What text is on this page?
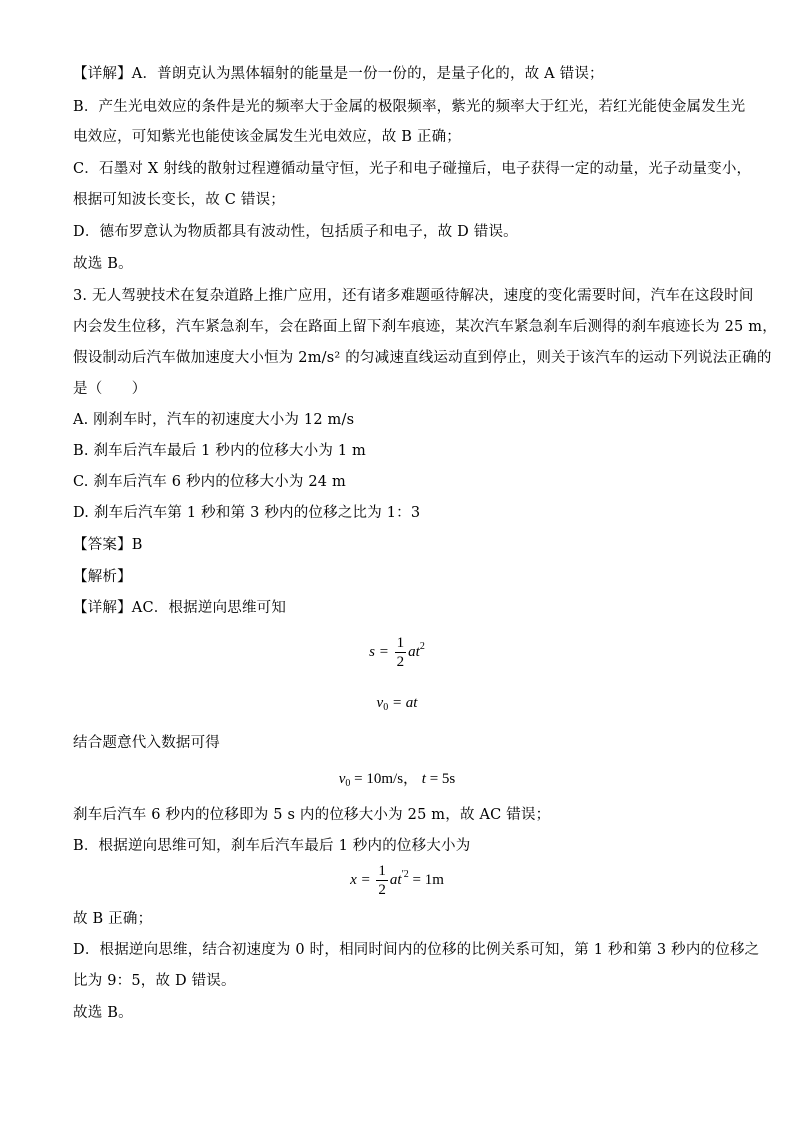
【详解】A．普朗克认为黑体辐射的能量是一份一份的，是量子化的，故 A 错误；
B．产生光电效应的条件是光的频率大于金属的极限频率，紫光的频率大于红光，若红光能使金属发生光
电效应，可知紫光也能使该金属发生光电效应，故 B 正确；
C．石墨对 X 射线的散射过程遵循动量守恒，光子和电子碰撞后，电子获得一定的动量，光子动量变小，
根据可知波长变长，故 C 错误；
D．德布罗意认为物质都具有波动性，包括质子和电子，故 D 错误。
故选 B。
3. 无人驾驶技术在复杂道路上推广应用，还有诸多难题亟待解决，速度的变化需要时间，汽车在这段时间
内会发生位移，汽车紧急刹车，会在路面上留下刹车痕迹，某次汽车紧急刹车后测得的刹车痕迹长为 25 m，
假设制动后汽车做加速度大小恒为 2m/s² 的匀减速直线运动直到停止，则关于该汽车的运动下列说法正确的
是（　　）
A. 刚刹车时，汽车的初速度大小为 12 m/s
B. 刹车后汽车最后 1 秒内的位移大小为 1 m
C. 刹车后汽车 6 秒内的位移大小为 24 m
D. 刹车后汽车第 1 秒和第 3 秒内的位移之比为 1：3
【答案】B
【解析】
【详解】AC．根据逆向思维可知
$s = \frac{1}{2} at^2$
$v_0$ = at
结合题意代入数据可得
$v_0 = 10m/s$， t = 5s
刹车后汽车 6 秒内的位移即为 5 s 内的位移大小为 25 m，故 AC 错误；
B．根据逆向思维可知，刹车后汽车最后 1 秒内的位移大小为
$x = \frac{1}{2} at^{'2} = 1m$
故 B 正确；
D．根据逆向思维，结合初速度为 0 时，相同时间内的位移的比例关系可知，第 1 秒和第 3 秒内的位移之
比为 9：5，故 D 错误。
故选 B。
